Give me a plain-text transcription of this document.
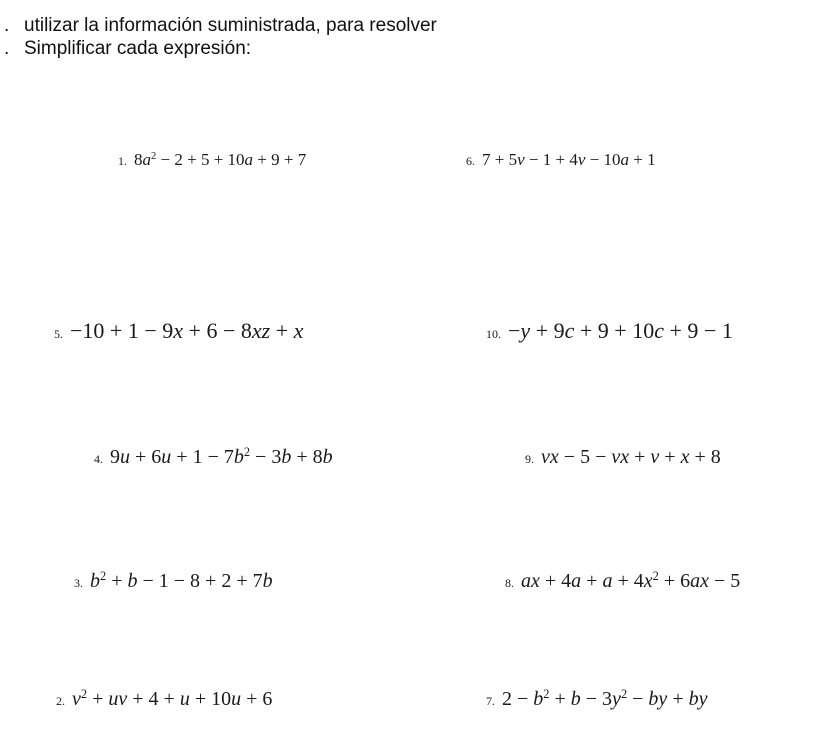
. utilizar la información suministrada, para resolver
. Simplificar cada expresión:
1. $8a^2 - 2 + 5 + 10a + 9 + 7$	6. 7 + 5v − 1 + 4v − 10a + 1
5. −10 + 1 − 9x + 6 − 8xz + x	10. −y + 9c + 9 + 10c + 9 − 1
4. $9u + 6u + 1 - 7b^2 - 3b + 8b$	9. vx − 5 − vx + v + x + 8
3. $b^2 + b - 1 - 8 + 2 + 7b$	8. ax + $4a + a + 4x^2 + 6ax - 5$
2. $v^2$ + uv + 4 + u + 10u + 6	7. $2 - b^2 + b - 3y^2$ − by + by
